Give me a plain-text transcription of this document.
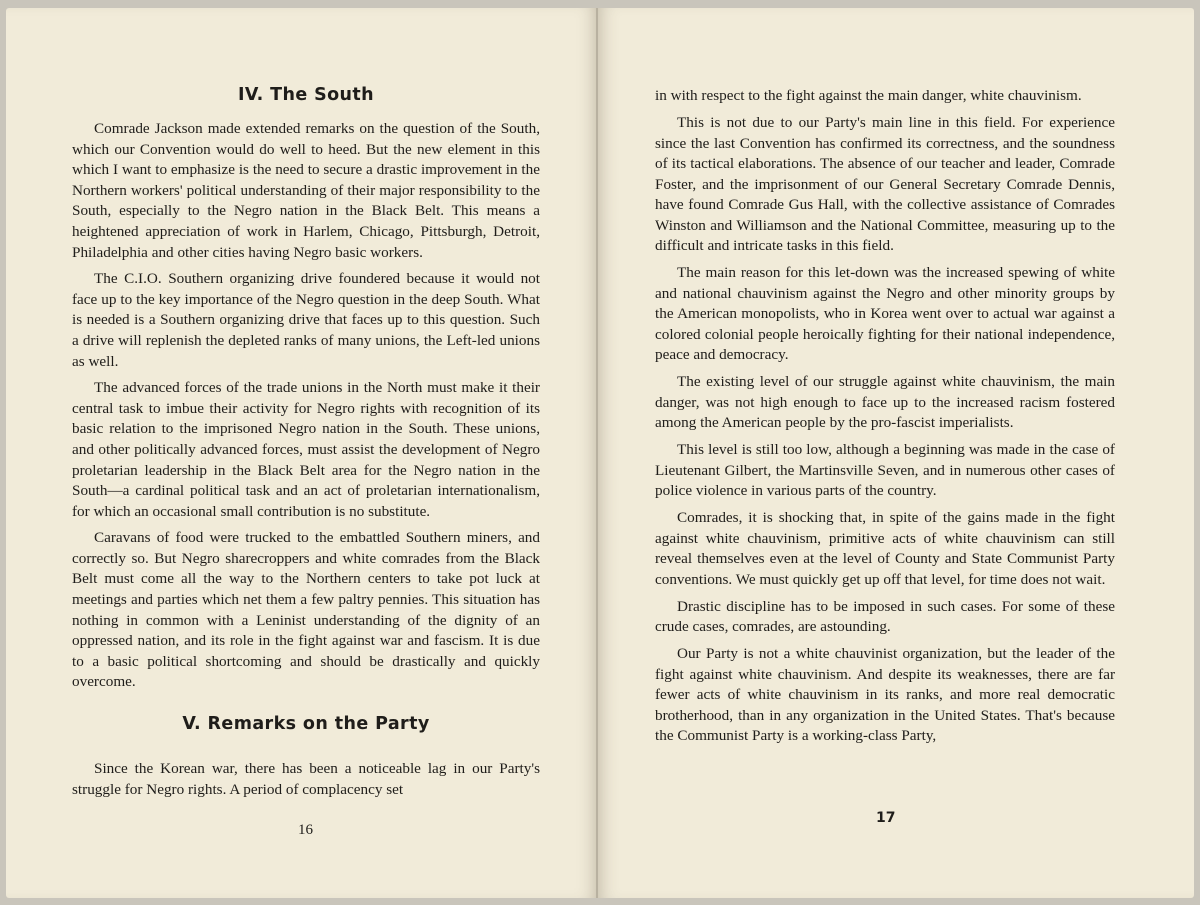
IV. The South

Comrade Jackson made extended remarks on the question of the South, which our Convention would do well to heed. But the new element in this which I want to emphasize is the need to secure a drastic improvement in the Northern workers' political understanding of their major responsibility to the South, especially to the Negro nation in the Black Belt. This means a heightened appreciation of work in Harlem, Chicago, Pittsburgh, Detroit, Philadelphia and other cities having Negro basic workers.

The C.I.O. Southern organizing drive foundered because it would not face up to the key importance of the Negro question in the deep South. What is needed is a Southern organizing drive that faces up to this question. Such a drive will replenish the depleted ranks of many unions, the Left-led unions as well.

The advanced forces of the trade unions in the North must make it their central task to imbue their activity for Negro rights with recognition of its basic relation to the imprisoned Negro nation in the South. These unions, and other politically advanced forces, must assist the development of Negro proletarian leadership in the Black Belt area for the Negro nation in the South—a cardinal political task and an act of proletarian internationalism, for which an occasional small contribution is no substitute.

Caravans of food were trucked to the embattled Southern miners, and correctly so. But Negro sharecroppers and white comrades from the Black Belt must come all the way to the Northern centers to take pot luck at meetings and parties which net them a few paltry pennies. This situation has nothing in common with a Leninist understanding of the dignity of an oppressed nation, and its role in the fight against war and fascism. It is due to a basic political shortcoming and should be drastically and quickly overcome.

V. Remarks on the Party

Since the Korean war, there has been a noticeable lag in our Party's struggle for Negro rights. A period of complacency set

16

in with respect to the fight against the main danger, white chauvinism.

This is not due to our Party's main line in this field. For experience since the last Convention has confirmed its correctness, and the soundness of its tactical elaborations. The absence of our teacher and leader, Comrade Foster, and the imprisonment of our General Secretary Comrade Dennis, have found Comrade Gus Hall, with the collective assistance of Comrades Winston and Williamson and the National Committee, measuring up to the difficult and intricate tasks in this field.

The main reason for this let-down was the increased spewing of white and national chauvinism against the Negro and other minority groups by the American monopolists, who in Korea went over to actual war against a colored colonial people heroically fighting for their national independence, peace and democracy.

The existing level of our struggle against white chauvinism, the main danger, was not high enough to face up to the increased racism fostered among the American people by the pro-fascist imperialists.

This level is still too low, although a beginning was made in the case of Lieutenant Gilbert, the Martinsville Seven, and in numerous other cases of police violence in various parts of the country.

Comrades, it is shocking that, in spite of the gains made in the fight against white chauvinism, primitive acts of white chauvinism can still reveal themselves even at the level of County and State Communist Party conventions. We must quickly get up off that level, for time does not wait.

Drastic discipline has to be imposed in such cases. For some of these crude cases, comrades, are astounding.

Our Party is not a white chauvinist organization, but the leader of the fight against white chauvinism. And despite its weaknesses, there are far fewer acts of white chauvinism in its ranks, and more real democratic brotherhood, than in any organization in the United States. That's because the Communist Party is a working-class Party,

17
